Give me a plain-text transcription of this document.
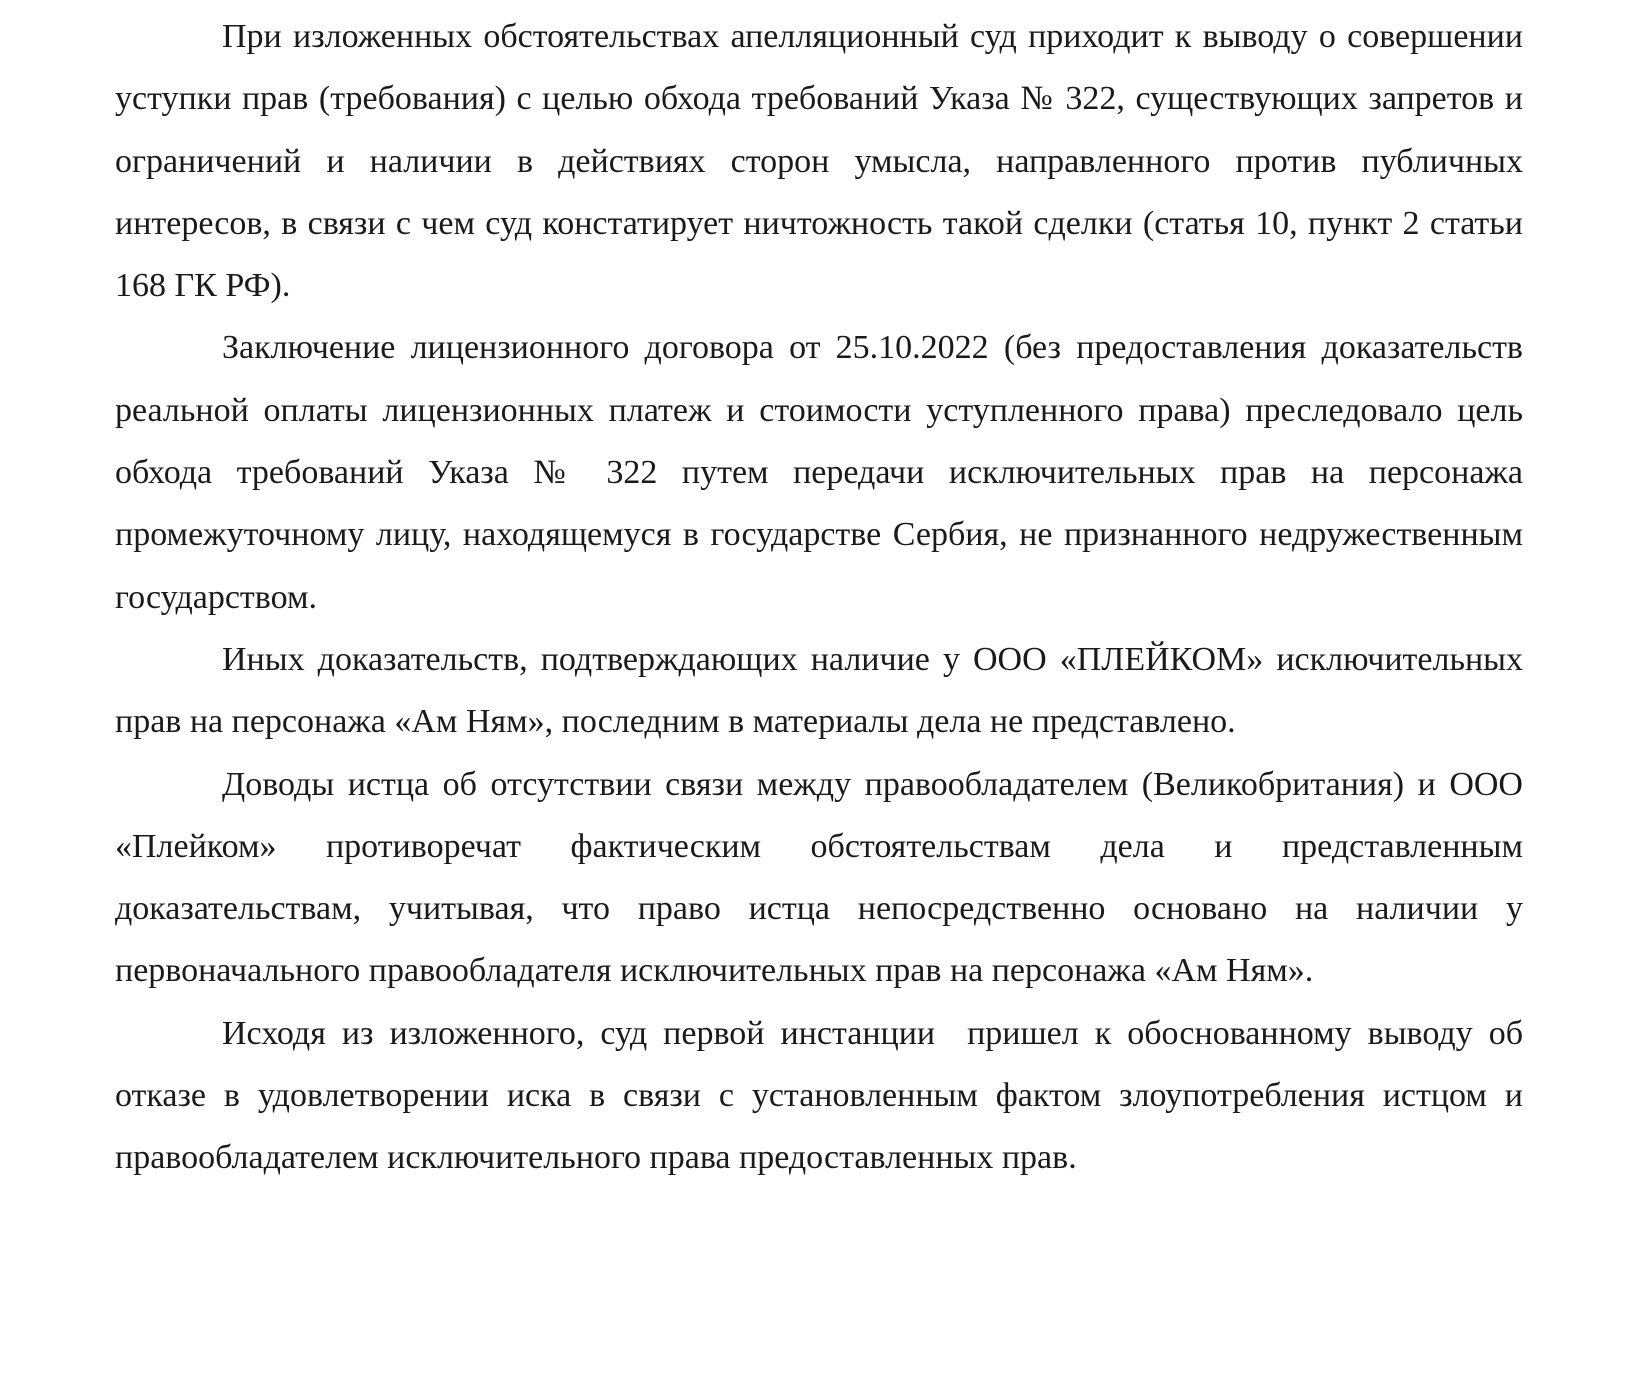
При изложенных обстоятельствах апелляционный суд приходит к выводу о совершении уступки прав (требования) с целью обхода требований Указа № 322, существующих запретов и ограничений и наличии в действиях сторон умысла, направленного против публичных интересов, в связи с чем суд констатирует ничтожность такой сделки (статья 10, пункт 2 статьи 168 ГК РФ).

Заключение лицензионного договора от 25.10.2022 (без предоставления доказательств реальной оплаты лицензионных платеж и стоимости уступленного права) преследовало цель обхода требований Указа № 322 путем передачи исключительных прав на персонажа промежуточному лицу, находящемуся в государстве Сербия, не признанного недружественным государством.

Иных доказательств, подтверждающих наличие у ООО «ПЛЕЙКОМ» исключительных прав на персонажа «Ам Ням», последним в материалы дела не представлено.

Доводы истца об отсутствии связи между правообладателем (Великобритания) и ООО «Плейком» противоречат фактическим обстоятельствам дела и представленным доказательствам, учитывая, что право истца непосредственно основано на наличии у первоначального правообладателя исключительных прав на персонажа «Ам Ням».

Исходя из изложенного, суд первой инстанции  пришел к обоснованному выводу об отказе в удовлетворении иска в связи с установленным фактом злоупотребления истцом и правообладателем исключительного права предоставленных прав.
